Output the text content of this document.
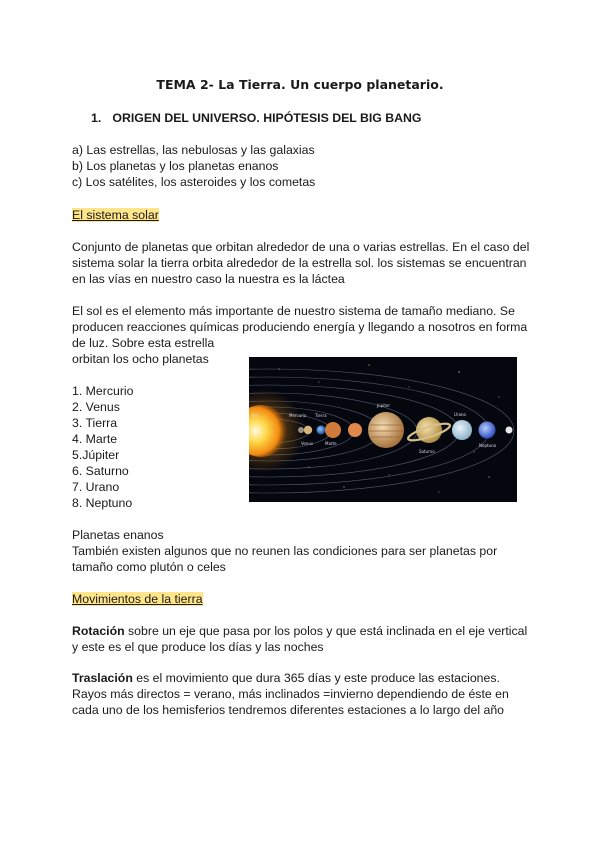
TEMA 2- La Tierra. Un cuerpo planetario.
1. ORIGEN DEL UNIVERSO. HIPÓTESIS DEL BIG BANG
a) Las estrellas, las nebulosas y las galaxias
b) Los planetas y los planetas enanos
c) Los satélites, los asteroides y los cometas
El sistema solar
Conjunto de planetas que orbitan alrededor de una o varias estrellas. En el caso del
sistema solar la tierra orbita alrededor de la estrella sol. los sistemas se encuentran
en las vías en nuestro caso la nuestra es la láctea
El sol es el elemento más importante de nuestro sistema de tamaño mediano. Se
producen reacciones químicas produciendo energía y llegando a nosotros en forma
de luz. Sobre esta estrella
orbitan los ocho planetas
1. Mercurio
2. Venus
3. Tierra
4. Marte
5.Júpiter
6. Saturno
7. Urano
8. Neptuno
Sol	Mercurio
Venus
Tierra
Marte
Júpiter
Saturno
Urano
Neptuno
Planetas enanos
También existen algunos que no reunen las condiciones para ser planetas por
tamaño como plutón o celes
Movimientos de la tierra
Rotación sobre un eje que pasa por los polos y que está inclinada en el eje vertical
y este es el que produce los días y las noches
Traslación es el movimiento que dura 365 días y este produce las estaciones.
Rayos más directos = verano, más inclinados =invierno dependiendo de éste en
cada uno de los hemisferios tendremos diferentes estaciones a lo largo del año
